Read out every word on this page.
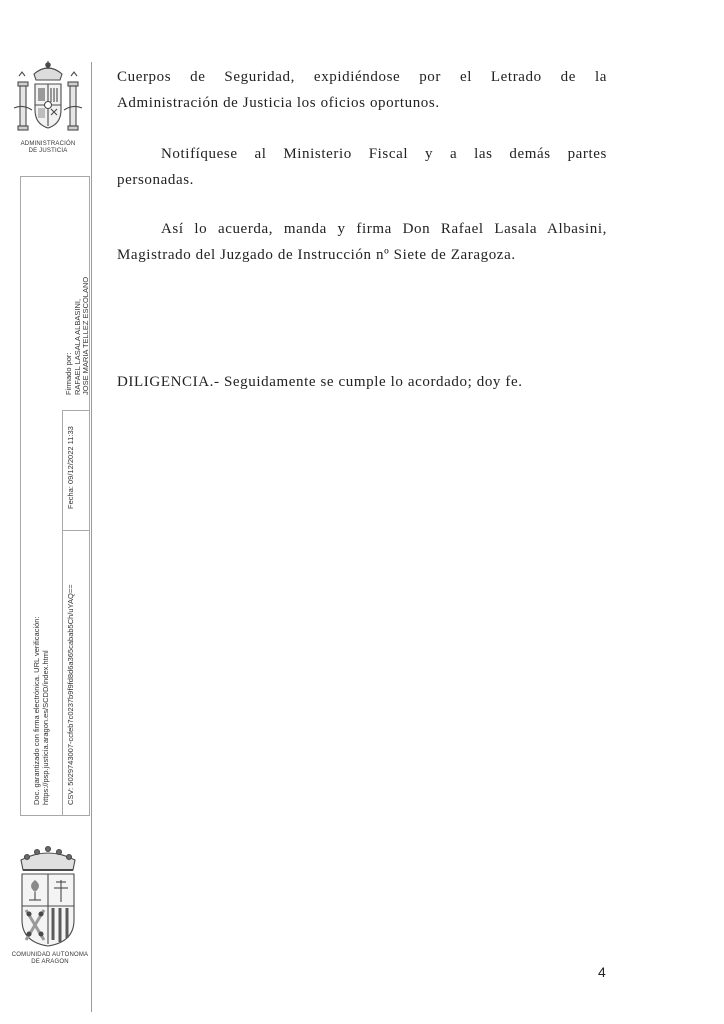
ADMINISTRACIÓN
DE JUSTICIA
Firmado por: RAFAEL LASALA ALBASINI, JOSE MARIA TELLEZ ESCOLANO
Fecha: 09/12/2022 11:33
CSV: 5029743007-ccfeb7c0237b9f9fd8d6a365cabab5Ch/uYAQ==
Doc. garantizado con firma electrónica. URL verificación: https://psp.justicia.aragon.es/SCDD/index.html
COMUNIDAD AUTONOMA
DE ARAGON
Cuerpos de Seguridad, expidiéndose por el Letrado de la
Administración de Justicia los oficios oportunos.
Notifíquese al Ministerio Fiscal y a las demás partes
personadas.
Así lo acuerda, manda y firma Don Rafael Lasala Albasini,
Magistrado del Juzgado de Instrucción nº Siete de Zaragoza.
DILIGENCIA.- Seguidamente se cumple lo acordado; doy fe.
4
